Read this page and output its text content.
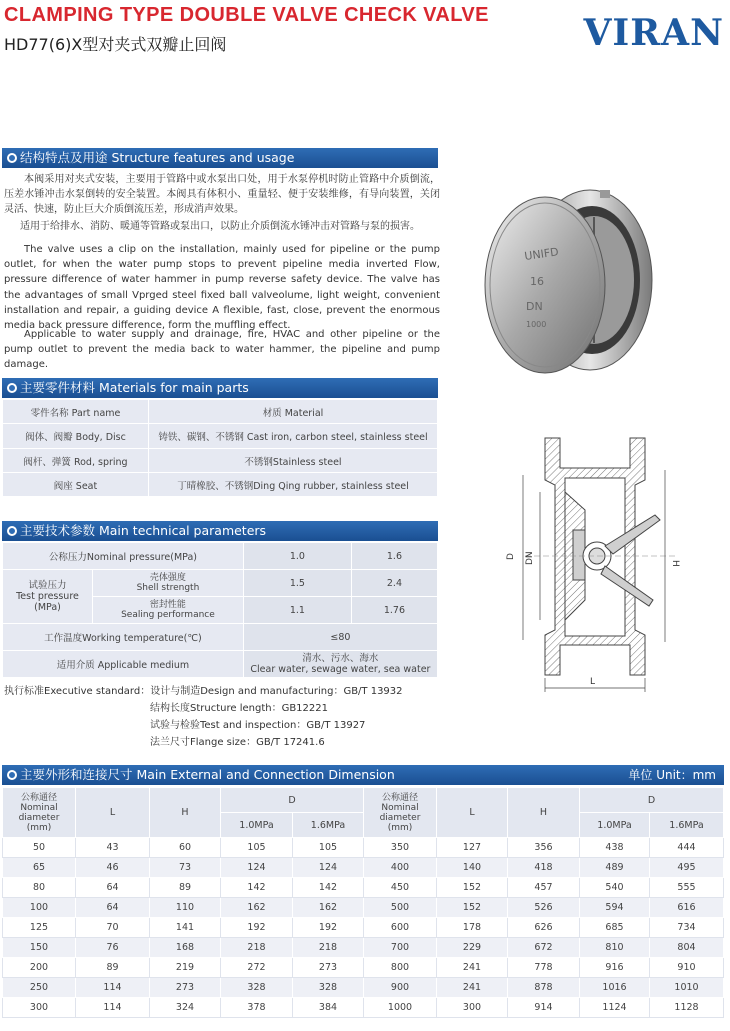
CLAMPING TYPE DOUBLE VALVE CHECK VALVE
HD77(6)X型对夹式双瓣止回阀	VIRAN
结构特点及用途 Structure features and usage
本阀采用对夹式安装，主要用于管路中或水泵出口处，用于水泵停机时防止管路中介质倒流，压差水锤冲击水泵倒转的安全装置。本阀具有体积小、重量轻、便于安装维修，有导向装置，关闭灵活、快速，防止巨大介质倒流压差，形成消声效果。
适用于给排水、消防、暖通等管路或泵出口，以防止介质倒流水锤冲击对管路与泵的损害。
The valve uses a clip on the installation, mainly used for pipeline or the pump outlet, for when the water pump stops to prevent pipeline media inverted Flow, pressure difference of water hammer in pump reverse safety device. The valve has the advantages of small Vprged steel fixed ball valveolume, light weight, convenient installation and repair, a guiding device A flexible, fast, close, prevent the enormous media back pressure difference, form the muffling effect.
Applicable to water supply and drainage, fire, HVAC and other pipeline or the pump outlet to prevent the media back to water hammer, the pipeline and pump damage.
UNIFD
16
DN
1000
主要零件材料 Materials for main parts
零件名称 Part name	材质 Material
阀体、阀瓣 Body, Disc	铸铁、碳钢、不锈钢 Cast iron, carbon steel, stainless steel
阀杆、弹簧 Rod, spring	不锈钢Stainless steel
阀座 Seat	丁晴橡胶、不锈钢Ding Qing rubber, stainless steel
主要技术参数 Main technical parameters
公称压力Nominal pressure(MPa)		1.0	1.6
试验压力
Test pressure
(MPa)	壳体强度
Shell strength	1.5	2.4
	密封性能
Sealing performance	1.1	1.76
工作温度Working temperature(℃)		≤80	
适用介质 Applicable medium		清水、污水、海水
Clear water, sewage water, sea water	
执行标准Executive standard：设计与制造Design and manufacturing：GB/T 13932
结构长度Structure length：GB12221
试验与检验Test and inspection：GB/T 13927
法兰尺寸Flange size：GB/T 17241.6
D DN	H
L
主要外形和连接尺寸 Main External and Connection Dimension	单位 Unit：mm
公称通径
Nominal
diameter
(mm)	L	H	D		公称通径
Nominal
diameter
(mm)	L	H	D	
			1.0MPa	1.6MPa				1.0MPa	1.6MPa
50	43	60	105	105	350	127	356	438	444
65	46	73	124	124	400	140	418	489	495
80	64	89	142	142	450	152	457	540	555
100	64	110	162	162	500	152	526	594	616
125	70	141	192	192	600	178	626	685	734
150	76	168	218	218	700	229	672	810	804
200	89	219	272	273	800	241	778	916	910
250	114	273	328	328	900	241	878	1016	1010
300	114	324	378	384	1000	300	914	1124	1128
